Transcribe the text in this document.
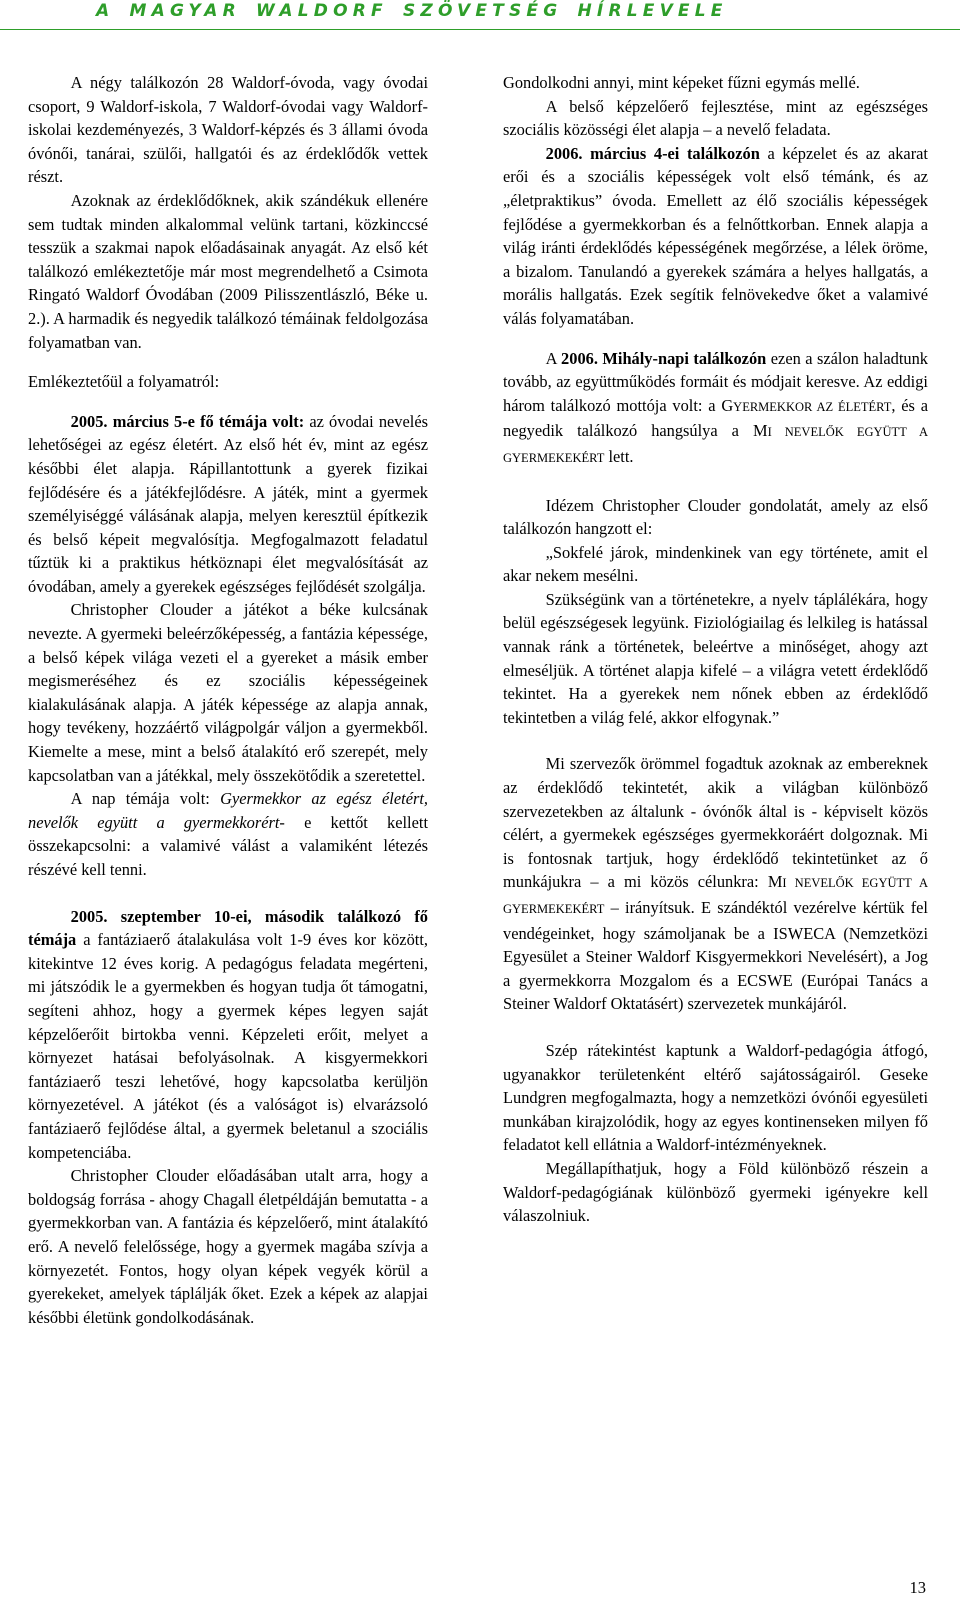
A MAGYAR WALDORF SZÖVETSÉG HÍRLEVELE

A négy találkozón 28 Waldorf-óvoda, vagy óvodai csoport, 9 Waldorf-iskola, 7 Waldorf-óvodai vagy Waldorf-iskolai kezdeményezés, 3 Waldorf-képzés és 3 állami óvoda óvónői, tanárai, szülői, hallgatói és az érdeklődők vettek részt.

Azoknak az érdeklődőknek, akik szándékuk ellenére sem tudtak minden alkalommal velünk tartani, közkinccsé tesszük a szakmai napok előadásainak anyagát. Az első két találkozó emlékeztetője már most megrendelhető a Csimota Ringató Waldorf Óvodában (2009 Pilisszentlászló, Béke u. 2.). A harmadik és negyedik találkozó témáinak feldolgozása folyamatban van.

Emlékeztetőül a folyamatról:

2005. március 5-e fő témája volt: az óvodai nevelés lehetőségei az egész életért. Az első hét év, mint az egész későbbi élet alapja. Rápillantottunk a gyerek fizikai fejlődésére és a játékfejlődésre. A játék, mint a gyermek személyiséggé válásának alapja, melyen keresztül építkezik és belső képeit megvalósítja. Megfogalmazott feladatul tűztük ki a praktikus hétköznapi élet megvalósítását az óvodában, amely a gyerekek egészséges fejlődését szolgálja.

Christopher Clouder a játékot a béke kulcsának nevezte. A gyermeki beleérzőképesség, a fantázia képessége, a belső képek világa vezeti el a gyereket a másik ember megismeréséhez és ez szociális képességeinek kialakulásának alapja. A játék képessége az alapja annak, hogy tevékeny, hozzáértő világpolgár váljon a gyermekből. Kiemelte a mese, mint a belső átalakító erő szerepét, mely kapcsolatban van a játékkal, mely összekötődik a szeretettel.

A nap témája volt: Gyermekkor az egész életért, nevelők együtt a gyermekkorért- e kettőt kellett összekapcsolni: a valamivé válást a valamiként létezés részévé kell tenni.

2005. szeptember 10-ei, második találkozó fő témája a fantáziaerő átalakulása volt 1-9 éves kor között, kitekintve 12 éves korig. A pedagógus feladata megérteni, mi játszódik le a gyermekben és hogyan tudja őt támogatni, segíteni ahhoz, hogy a gyermek képes legyen saját képzelőerőit birtokba venni. Képzeleti erőit, melyet a környezet hatásai befolyásolnak. A kisgyermekkori fantáziaerő teszi lehetővé, hogy kapcsolatba kerüljön környezetével. A játékot (és a valóságot is) elvarázsoló fantáziaerő fejlődése által, a gyermek beletanul a szociális kompetenciába.

Christopher Clouder előadásában utalt arra, hogy a boldogság forrása - ahogy Chagall életpéldáján bemutatta - a gyermekkorban van. A fantázia és képzelőerő, mint átalakító erő. A nevelő felelőssége, hogy a gyermek magába szívja a környezetét. Fontos, hogy olyan képek vegyék körül a gyerekeket, amelyek táplálják őket. Ezek a képek az alapjai későbbi életünk gondolkodásának.

Gondolkodni annyi, mint képeket fűzni egymás mellé.

A belső képzelőerő fejlesztése, mint az egészséges szociális közösségi élet alapja – a nevelő feladata.

2006. március 4-ei találkozón a képzelet és az akarat erői és a szociális képességek volt első témánk, és az „életpraktikus” óvoda. Emellett az élő szociális képességek fejlődése a gyermekkorban és a felnőttkorban. Ennek alapja a világ iránti érdeklődés képességének megőrzése, a lélek öröme, a bizalom. Tanulandó a gyerekek számára a helyes hallgatás, a morális hallgatás. Ezek segítik felnövekedve őket a valamivé válás folyamatában.

A 2006. Mihály-napi találkozón ezen a szálon haladtunk tovább, az együttműködés formáit és módjait keresve. Az eddigi három találkozó mottója volt: a GYERMEKKOR AZ ÉLETÉRT, és a negyedik találkozó hangsúlya a MI NEVELŐK EGYÜTT A GYERMEKEKÉRT lett.

Idézem Christopher Clouder gondolatát, amely az első találkozón hangzott el:

„Sokfelé járok, mindenkinek van egy története, amit el akar nekem mesélni.

Szükségünk van a történetekre, a nyelv táplálékára, hogy belül egészségesek legyünk. Fiziológiailag és lelkileg is hatással vannak ránk a történetek, beleértve a minőséget, ahogy azt elmeséljük. A történet alapja kifelé – a világra vetett érdeklődő tekintet. Ha a gyerekek nem nőnek ebben az érdeklődő tekintetben a világ felé, akkor elfogynak.”

Mi szervezők örömmel fogadtuk azoknak az embereknek az érdeklődő tekintetét, akik a világban különböző szervezetekben az általunk - óvónők által is - képviselt közös célért, a gyermekek egészséges gyermekkoráért dolgoznak. Mi is fontosnak tartjuk, hogy érdeklődő tekintetünket az ő munkájukra – a mi közös célunkra: MI NEVELŐK EGYÜTT A GYERMEKEKÉRT – irányítsuk. E szándéktól vezérelve kértük fel vendégeinket, hogy számoljanak be a ISWECA (Nemzetközi Egyesület a Steiner Waldorf Kisgyermekkori Nevelésért), a Jog a gyermekkorra Mozgalom és a ECSWE (Európai Tanács a Steiner Waldorf Oktatásért) szervezetek munkájáról.

Szép rátekintést kaptunk a Waldorf-pedagógia átfogó, ugyanakkor területenként eltérő sajátosságairól. Geseke Lundgren megfogalmazta, hogy a nemzetközi óvónői egyesületi munkában kirajzolódik, hogy az egyes kontinenseken milyen fő feladatot kell ellátnia a Waldorf-intézményeknek.

Megállapíthatjuk, hogy a Föld különböző részein a Waldorf-pedagógiának különböző gyermeki igényekre kell válaszolniuk.

13
